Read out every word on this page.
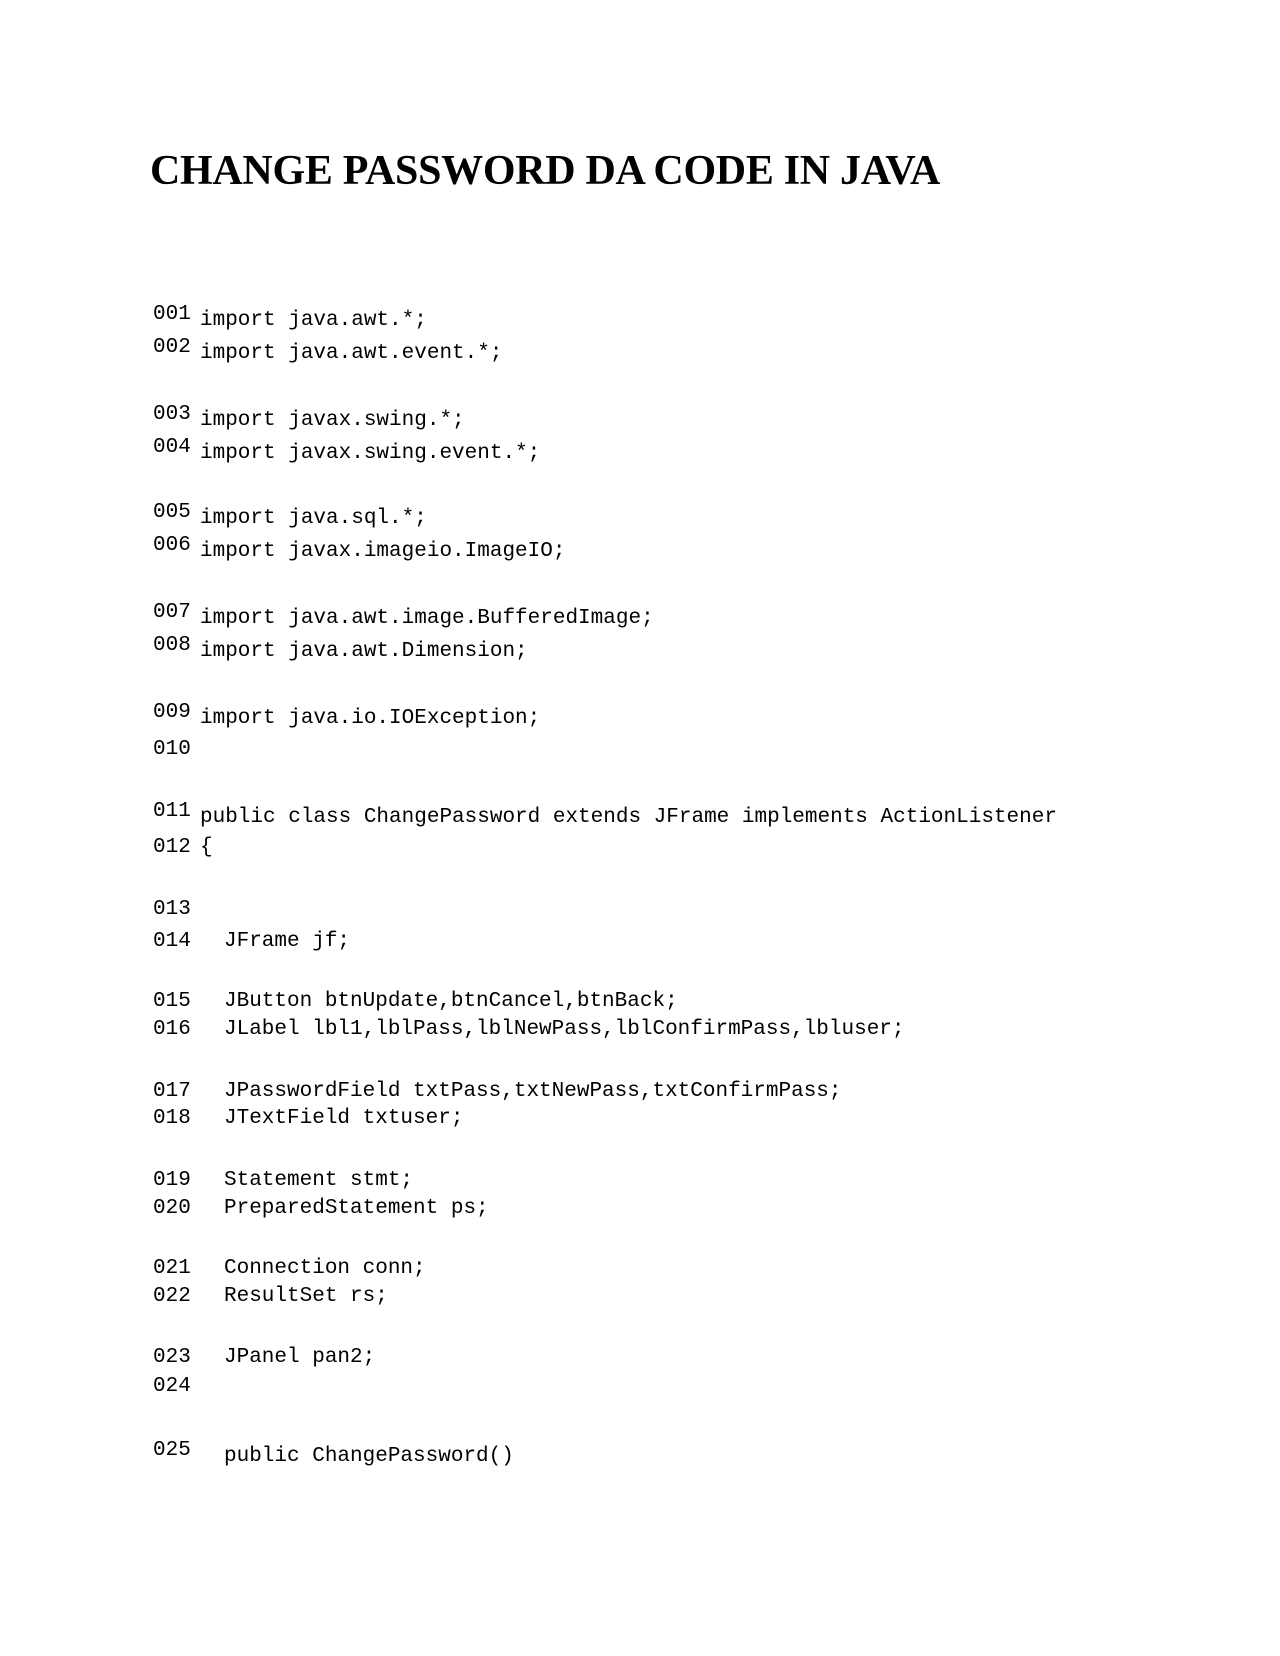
CHANGE PASSWORD DA CODE IN JAVA
001 import java.awt.*;
002 import java.awt.event.*;
003 import javax.swing.*;
004 import javax.swing.event.*;
005 import java.sql.*;
006 import javax.imageio.ImageIO;
007 import java.awt.image.BufferedImage;
008 import java.awt.Dimension;
009 import java.io.IOException;
010
011 public class ChangePassword extends JFrame implements ActionListener
012 {
013
014	JFrame jf;
015	JButton btnUpdate,btnCancel,btnBack;
016	JLabel lbl1,lblPass,lblNewPass,lblConfirmPass,lbluser;
017	JPasswordField txtPass,txtNewPass,txtConfirmPass;
018	JTextField txtuser;
019	Statement stmt;
020	PreparedStatement ps;
021	Connection conn;
022	ResultSet rs;
023	JPanel pan2;
024
025	public ChangePassword()
